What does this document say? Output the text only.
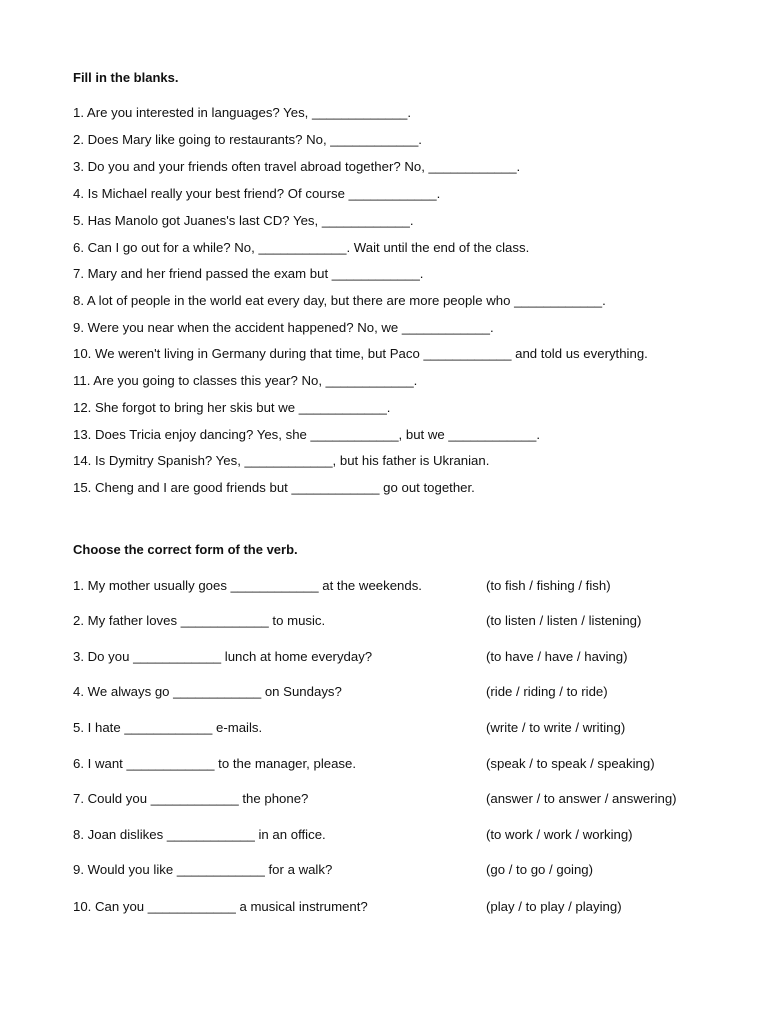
Fill in the blanks.
1. Are you interested in languages? Yes, _____________.
2. Does Mary like going to restaurants? No, ____________.
3. Do you and your friends often travel abroad together? No, ____________.
4. Is Michael really your best friend? Of course ____________.
5. Has Manolo got Juanes's last CD? Yes, ____________.
6. Can I go out for a while? No, ____________. Wait until the end of the class.
7. Mary and her friend passed the exam but ____________.
8. A lot of people in the world eat every day, but there are more people who ____________.
9. Were you near when the accident happened? No, we ____________.
10. We weren't living in Germany during that time, but Paco ____________ and told us everything.
11. Are you going to classes this year? No, ____________.
12. She forgot to bring her skis but we ____________.
13. Does Tricia enjoy dancing? Yes, she ____________, but we ____________.
14. Is Dymitry Spanish? Yes, ____________, but his father is Ukranian.
15. Cheng and I are good friends but ____________ go out together.
Choose the correct form of the verb.
1. My mother usually goes ____________ at the weekends.	(to fish / fishing / fish)
2. My father loves ____________ to music.	(to listen / listen / listening)
3. Do you ____________ lunch at home everyday?	(to have / have / having)
4. We always go ____________ on Sundays?	(ride / riding / to ride)
5. I hate ____________ e-mails.	(write / to write / writing)
6. I want ____________ to the manager, please.	(speak / to speak / speaking)
7. Could you ____________ the phone?	(answer / to answer / answering)
8. Joan dislikes ____________ in an office.	(to work / work / working)
9. Would you like ____________ for a walk?	(go / to go / going)
10. Can you ____________ a musical instrument?	(play / to play / playing)
